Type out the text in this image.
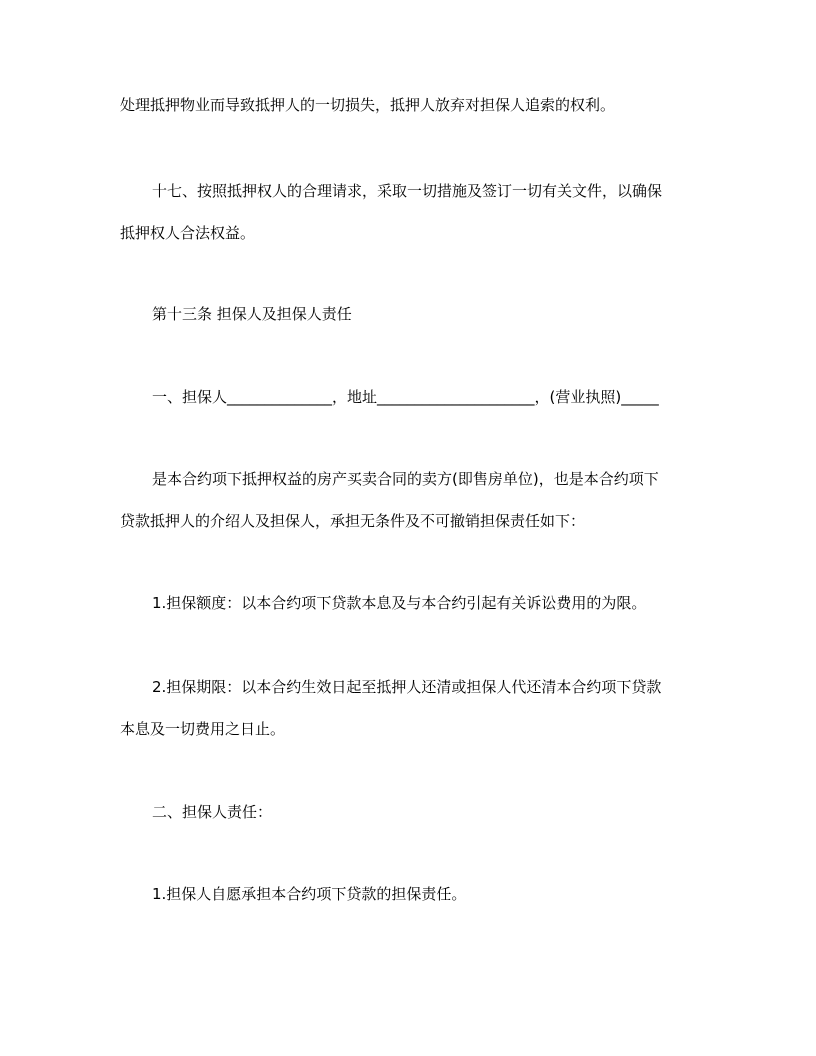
处理抵押物业而导致抵押人的一切损失，抵押人放弃对担保人追索的权利。
十七、按照抵押权人的合理请求，采取一切措施及签订一切有关文件，以确保
抵押权人合法权益。
第十三条 担保人及担保人责任
一、担保人______________，地址_____________________，(营业执照)_____
是本合约项下抵押权益的房产买卖合同的卖方(即售房单位)，也是本合约项下
贷款抵押人的介绍人及担保人，承担无条件及不可撤销担保责任如下：
1.担保额度：以本合约项下贷款本息及与本合约引起有关诉讼费用的为限。
2.担保期限：以本合约生效日起至抵押人还清或担保人代还清本合约项下贷款
本息及一切费用之日止。
二、担保人责任：
1.担保人自愿承担本合约项下贷款的担保责任。
